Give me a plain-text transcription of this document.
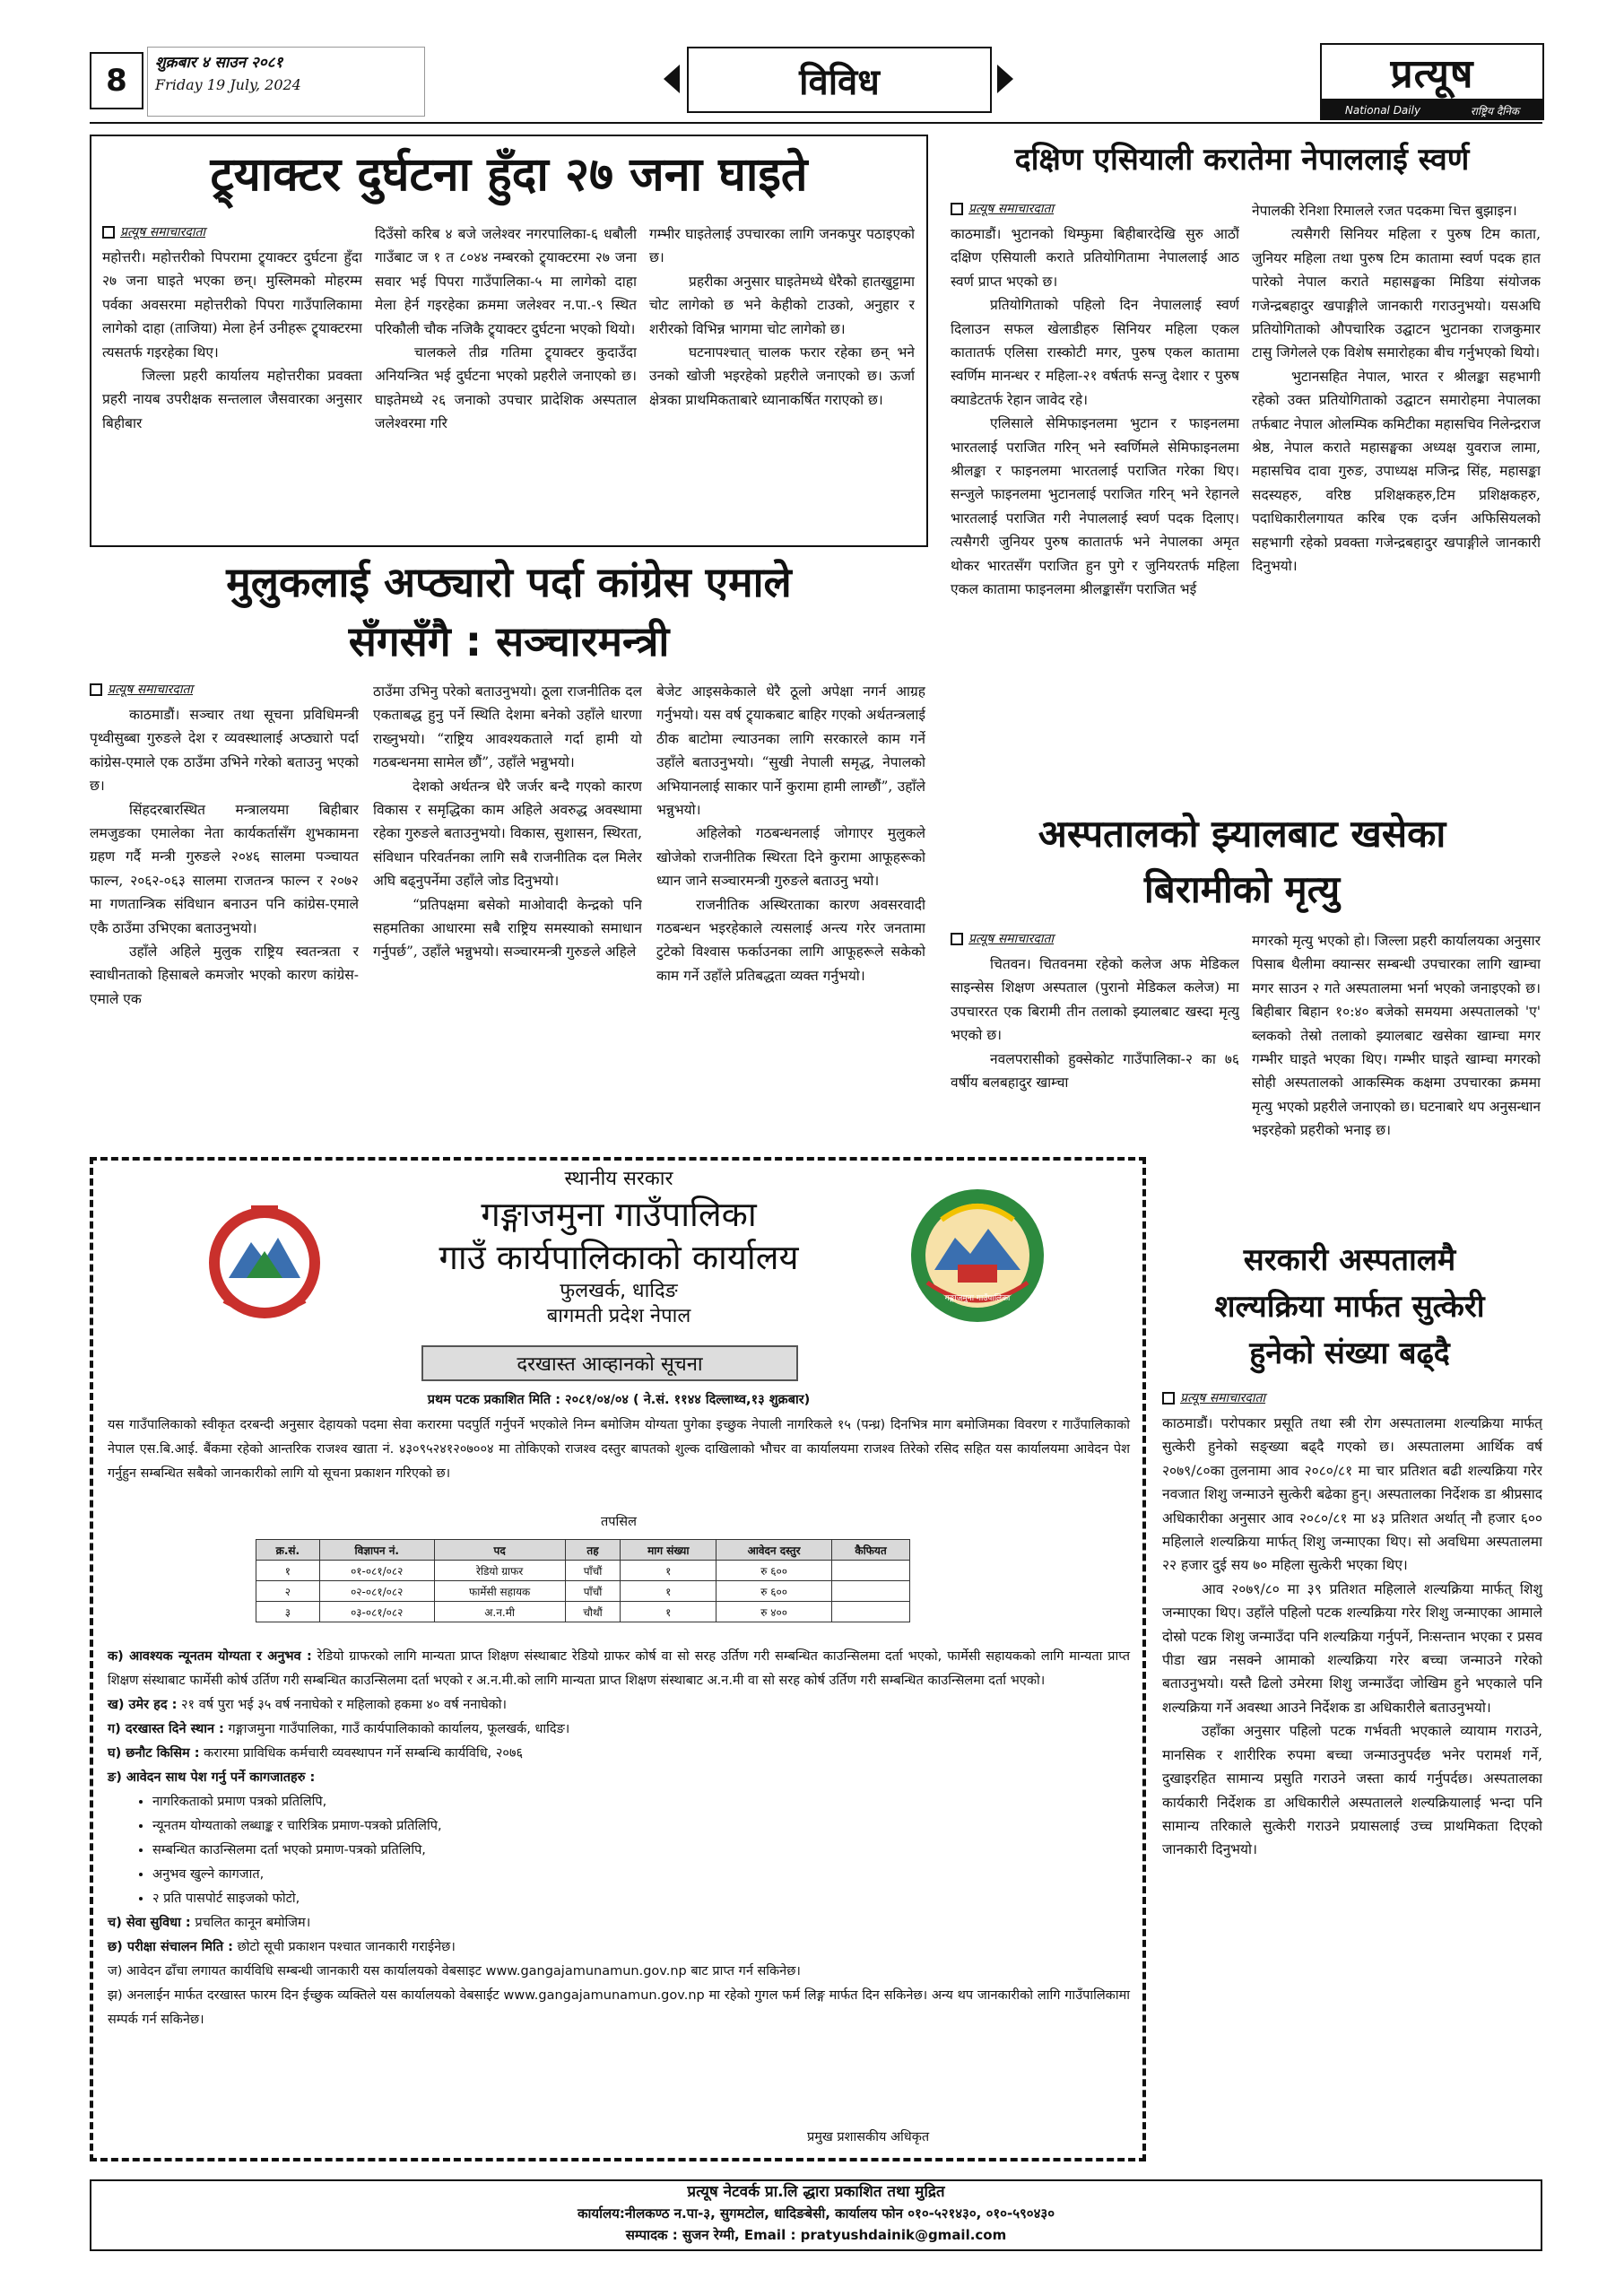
8 शुक्रबार ४ साउन २०८१
Friday 19 July, 2024	विविध	प्रत्यूष
National Daily	राष्ट्रिय दैनिक
ट्र्याक्टर दुर्घटना हुँदा २७ जना घाइते
प्रत्यूष समाचारदाता

महोत्तरी। महोत्तरीको पिपरामा ट्र्याक्टर दुर्घटना हुँदा २७ जना घाइते भएका छन्। मुस्लिमको मोहरम्म पर्वका अवसरमा महोत्तरीको पिपरा गाउँपालिकामा लागेको दाहा (ताजिया) मेला हेर्न उनीहरू ट्र्याक्टरमा त्यसतर्फ गइरहेका थिए।

जिल्ला प्रहरी कार्यालय महोत्तरीका प्रवक्ता प्रहरी नायब उपरीक्षक सन्तलाल जैसवारका अनुसार बिहीबार

दिउँसो करिब ४ बजे जलेश्वर नगरपालिका-६ धबौली गाउँबाट ज १ त ८०४४ नम्बरको ट्र्याक्टरमा २७ जना सवार भई पिपरा गाउँपालिका-५ मा लागेको दाहा मेला हेर्न गइरहेका क्रममा जलेश्वर न.पा.-९ स्थित परिकौली चौक नजिकै ट्र्याक्टर दुर्घटना भएको थियो।

चालकले तीव्र गतिमा ट्र्याक्टर कुदाउँदा अनियन्त्रित भई दुर्घटना भएको प्रहरीले जनाएको छ। घाइतेमध्ये २६ जनाको उपचार प्रादेशिक अस्पताल जलेश्वरमा गरि

गम्भीर घाइतेलाई उपचारका लागि जनकपुर पठाइएको छ।

प्रहरीका अनुसार घाइतेमध्ये धेरैको हातखुट्टामा चोट लागेको छ भने केहीको टाउको, अनुहार र शरीरको विभिन्न भागमा चोट लागेको छ।

घटनापश्चात् चालक फरार रहेका छन् भने उनको खोजी भइरहेको प्रहरीले जनाएको छ। ऊर्जा क्षेत्रका प्राथमिकताबारे ध्यानाकर्षित गराएको छ।

मुलुकलाई अप्ठ्यारो पर्दा कांग्रेस एमाले
सँगसँगै : सञ्चारमन्त्री
प्रत्यूष समाचारदाता

काठमाडौं। सञ्चार तथा सूचना प्रविधिमन्त्री पृथ्वीसुब्बा गुरुङले देश र व्यवस्थालाई अप्ठ्यारो पर्दा कांग्रेस-एमाले एक ठाउँमा उभिने गरेको बताउनु भएको छ।

सिंहदरबारस्थित मन्त्रालयमा बिहीबार लमजुङका एमालेका नेता कार्यकर्तासँग शुभकामना ग्रहण गर्दै मन्त्री गुरुङले २०४६ सालमा पञ्चायत फाल्न, २०६२-०६३ सालमा राजतन्त्र फाल्न र २०७२ मा गणतान्त्रिक संविधान बनाउन पनि कांग्रेस-एमाले एकै ठाउँमा उभिएका बताउनुभयो।

उहाँले अहिले मुलुक राष्ट्रिय स्वतन्त्रता र स्वाधीनताको हिसाबले कमजोर भएको कारण कांग्रेस-एमाले एक

ठाउँमा उभिनु परेको बताउनुभयो। ठूला राजनीतिक दल एकताबद्ध हुनु पर्ने स्थिति देशमा बनेको उहाँले धारणा राख्नुभयो। “राष्ट्रिय आवश्यकताले गर्दा हामी यो गठबन्धनमा सामेल छौं”, उहाँले भन्नुभयो।

देशको अर्थतन्त्र धेरै जर्जर बन्दै गएको कारण विकास र समृद्धिका काम अहिले अवरुद्ध अवस्थामा रहेका गुरुङले बताउनुभयो। विकास, सुशासन, स्थिरता, संविधान परिवर्तनका लागि सबै राजनीतिक दल मिलेर अघि बढ्नुपर्नेमा उहाँले जोड दिनुभयो।

“प्रतिपक्षमा बसेको माओवादी केन्द्रको पनि सहमतिका आधारमा सबै राष्ट्रिय समस्याको समाधान गर्नुपर्छ”, उहाँले भन्नुभयो। सञ्चारमन्त्री गुरुङले अहिले

बेजेट आइसकेकाले धेरै ठूलो अपेक्षा नगर्न आग्रह गर्नुभयो। यस वर्ष ट्र्याकबाट बाहिर गएको अर्थतन्त्रलाई ठीक बाटोमा ल्याउनका लागि सरकारले काम गर्ने उहाँले बताउनुभयो। “सुखी नेपाली समृद्ध, नेपालको अभियानलाई साकार पार्ने कुरामा हामी लाग्छौं”, उहाँले भन्नुभयो।

अहिलेको गठबन्धनलाई जोगाएर मुलुकले खोजेको राजनीतिक स्थिरता दिने कुरामा आफूहरूको ध्यान जाने सञ्चारमन्त्री गुरुङले बताउनु भयो।

राजनीतिक अस्थिरताका कारण अवसरवादी गठबन्धन भइरहेकाले त्यसलाई अन्त्य गरेर जनतामा टुटेको विश्वास फर्काउनका लागि आफूहरूले सकेको काम गर्ने उहाँले प्रतिबद्धता व्यक्त गर्नुभयो।

दक्षिण एसियाली करातेमा नेपाललाई स्वर्ण
प्रत्यूष समाचारदाता

काठमाडौं। भुटानको थिम्फुमा बिहीबारदेखि सुरु आठौं दक्षिण एसियाली कराते प्रतियोगितामा नेपाललाई आठ स्वर्ण प्राप्त भएको छ।

प्रतियोगिताको पहिलो दिन नेपाललाई स्वर्ण दिलाउन सफल खेलाडीहरु सिनियर महिला एकल कातातर्फ एलिसा रास्कोटी मगर, पुरुष एकल कातामा स्वर्णिम मानन्धर र महिला-२१ वर्षतर्फ सन्जु देशार र पुरुष क्याडेटतर्फ रेहान जावेद रहे।

एलिसाले सेमिफाइनलमा भुटान र फाइनलमा भारतलाई पराजित गरिन् भने स्वर्णिमले सेमिफाइनलमा श्रीलङ्का र फाइनलमा भारतलाई पराजित गरेका थिए। सन्जुले फाइनलमा भुटानलाई पराजित गरिन् भने रेहानले भारतलाई पराजित गरी नेपाललाई स्वर्ण पदक दिलाए। त्यसैगरी जुनियर पुरुष कातातर्फ भने नेपालका अमृत थोकर भारतसँग पराजित हुन पुगे र जुनियरतर्फ महिला एकल कातामा फाइनलमा श्रीलङ्कासँग पराजित भई

नेपालकी रेनिशा रिमालले रजत पदकमा चित्त बुझाइन।

त्यसैगरी सिनियर महिला र पुरुष टिम काता, जुनियर महिला तथा पुरुष टिम कातामा स्वर्ण पदक हात पारेको नेपाल कराते महासङ्घका मिडिया संयोजक गजेन्द्रबहादुर खपाङ्गीले जानकारी गराउनुभयो। यसअघि प्रतियोगिताको औपचारिक उद्घाटन भुटानका राजकुमार टासु जिगेलले एक विशेष समारोहका बीच गर्नुभएको थियो।

भुटानसहित नेपाल, भारत र श्रीलङ्का सहभागी रहेको उक्त प्रतियोगिताको उद्घाटन समारोहमा नेपालका तर्फबाट नेपाल ओलम्पिक कमिटीका महासचिव निलेन्द्रराज श्रेष्ठ, नेपाल कराते महासङ्घका अध्यक्ष युवराज लामा, महासचिव दावा गुरुङ, उपाध्यक्ष मजिन्द्र सिंह, महासङ्का सदस्यहरु, वरिष्ठ प्रशिक्षकहरु,टिम प्रशिक्षकहरु, पदाधिकारीलगायत करिब एक दर्जन अफिसियलको सहभागी रहेको प्रवक्ता गजेन्द्रबहादुर खपाङ्गीले जानकारी दिनुभयो।

अस्पतालको झ्यालबाट खसेका
बिरामीको मृत्यु
प्रत्यूष समाचारदाता

चितवन। चितवनमा रहेको कलेज अफ मेडिकल साइन्सेस शिक्षण अस्पताल (पुरानो मेडिकल कलेज) मा उपचाररत एक बिरामी तीन तलाको झ्यालबाट खस्दा मृत्यु भएको छ।

नवलपरासीको हुक्सेकोट गाउँपालिका-२ का ७६ वर्षीय बलबहादुर खाम्चा

मगरको मृत्यु भएको हो। जिल्ला प्रहरी कार्यालयका अनुसार पिसाब थैलीमा क्यान्सर सम्बन्धी उपचारका लागि खाम्चा मगर साउन २ गते अस्पतालमा भर्ना भएको जनाइएको छ। बिहीबार बिहान १०:४० बजेको समयमा अस्पतालको 'ए' ब्लकको तेस्रो तलाको झ्यालबाट खसेका खाम्चा मगर गम्भीर घाइते भएका थिए। गम्भीर घाइते खाम्चा मगरको सोही अस्पतालको आकस्मिक कक्षमा उपचारका क्रममा मृत्यु भएको प्रहरीले जनाएको छ। घटनाबारे थप अनुसन्धान भइरहेको प्रहरीको भनाइ छ।

गङ्गाजमुना गाउँपालिका
स्थानीय सरकार
गङ्गाजमुना गाउँपालिका
गाउँ कार्यपालिकाको कार्यालय
फुलखर्क, धादिङ
बागमती प्रदेश नेपाल
दरखास्त आव्हानको सूचना
प्रथम पटक प्रकाशित मिति : २०८१/०४/०४ ( ने.सं. ११४४ दिल्लाथ्व,१३ शुक्रबार)
यस गाउँपालिकाको स्वीकृत दरबन्दी अनुसार देहायको पदमा सेवा करारमा पदपुर्ति गर्नुपर्ने भएकोले निम्न बमोजिम योग्यता पुगेका इच्छुक नेपाली नागरिकले १५ (पन्ध्र) दिनभित्र माग बमोजिमका विवरण र गाउँपालिकाको नेपाल एस.बि.आई. बैंकमा रहेको आन्तरिक राजश्व खाता नं. ४३०९५२४१२०७००४ मा तोकिएको राजश्व दस्तुर बापतको शुल्क दाखिलाको भौचर वा कार्यालयमा राजश्व तिरेको रसिद सहित यस कार्यालयमा आवेदन पेश गर्नुहुन सम्बन्धित सबैको जानकारीको लागि यो सूचना प्रकाशन गरिएको छ।
तपसिल
क्र.सं.	विज्ञापन नं.	पद	तह	माग संख्या	आवेदन दस्तुर	कैफियत
१	०१-०८१/०८२	रेडियो ग्राफर	पाँचौं	१	रु ६००	
२	०२-०८१/०८२	फार्मेसी सहायक	पाँचौं	१	रु ६००	
३	०३-०८१/०८२	अ.न.मी	चौथौं	१	रु ४००	
क) आवश्यक न्यूनतम योग्यता र अनुभव : रेडियो ग्राफरको लागि मान्यता प्राप्त शिक्षण संस्थाबाट रेडियो ग्राफर कोर्ष वा सो सरह उर्तिण गरी सम्बन्धित काउन्सिलमा दर्ता भएको, फार्मेसी सहायकको लागि मान्यता प्राप्त शिक्षण संस्थाबाट फार्मेसी कोर्ष उर्तिण गरी सम्बन्धित काउन्सिलमा दर्ता भएको र अ.न.मी.को लागि मान्यता प्राप्त शिक्षण संस्थाबाट अ.न.मी वा सो सरह कोर्ष उर्तिण गरी सम्बन्धित काउन्सिलमा दर्ता भएको।
ख) उमेर हद : २१ वर्ष पुरा भई ३५ वर्ष ननाघेको र महिलाको हकमा ४० वर्ष ननाघेको।
ग) दरखास्त दिने स्थान : गङ्गाजमुना गाउँपालिका, गाउँ कार्यपालिकाको कार्यालय, फूलखर्क, धादिङ।
घ) छनौट किसिम : करारमा प्राविधिक कर्मचारी व्यवस्थापन गर्ने सम्बन्धि कार्यविधि, २०७६
ङ) आवेदन साथ पेश गर्नु पर्ने कागजातहरु :
• नागरिकताको प्रमाण पत्रको प्रतिलिपि,
• न्यूनतम योग्यताको लब्धाङ्क र चारित्रिक प्रमाण-पत्रको प्रतिलिपि,
• सम्बन्धित काउन्सिलमा दर्ता भएको प्रमाण-पत्रको प्रतिलिपि,
• अनुभव खुल्ने कागजात,
• २ प्रति पासपोर्ट साइजको फोटो,
च) सेवा सुविधा : प्रचलित कानून बमोजिम।
छ) परीक्षा संचालन मिति : छोटो सूची प्रकाशन पश्चात जानकारी गराईनेछ।
ज) आवेदन ढाँचा लगायत कार्यविधि सम्बन्धी जानकारी यस कार्यालयको वेबसाइट www.gangajamunamun.gov.np बाट प्राप्त गर्न सकिनेछ।
झ) अनलाईन मार्फत दरखास्त फारम दिन ईच्छुक व्यक्तिले यस कार्यालयको वेबसाईट www.gangajamunamun.gov.np मा रहेको गुगल फर्म लिङ्ग मार्फत दिन सकिनेछ। अन्य थप जानकारीको लागि गाउँपालिकामा सम्पर्क गर्न सकिनेछ।
प्रमुख प्रशासकीय अधिकृत
सरकारी अस्पतालमै
शल्यक्रिया मार्फत सुत्केरी
हुनेको संख्या बढ्दै
प्रत्यूष समाचारदाता

काठमाडौं। परोपकार प्रसूति तथा स्त्री रोग अस्पतालमा शल्यक्रिया मार्फत् सुत्केरी हुनेको सङ्ख्या बढ्दै गएको छ। अस्पतालमा आर्थिक वर्ष २०७९/८०का तुलनामा आव २०८०/८१ मा चार प्रतिशत बढी शल्यक्रिया गरेर नवजात शिशु जन्माउने सुत्केरी बढेका हुन्। अस्पतालका निर्देशक डा श्रीप्रसाद अधिकारीका अनुसार आव २०८०/८१ मा ४३ प्रतिशत अर्थात् नौ हजार ६०० महिलाले शल्यक्रिया मार्फत् शिशु जन्माएका थिए। सो अवधिमा अस्पतालमा २२ हजार दुई सय ७० महिला सुत्केरी भएका थिए।

आव २०७९/८० मा ३९ प्रतिशत महिलाले शल्यक्रिया मार्फत् शिशु जन्माएका थिए। उहाँले पहिलो पटक शल्यक्रिया गरेर शिशु जन्माएका आमाले दोस्रो पटक शिशु जन्माउँदा पनि शल्यक्रिया गर्नुपर्ने, निःसन्तान भएका र प्रसव पीडा खप्न नसक्ने आमाको शल्यक्रिया गरेर बच्चा जन्माउने गरेको बताउनुभयो। यस्तै ढिलो उमेरमा शिशु जन्माउँदा जोखिम हुने भएकाले पनि शल्यक्रिया गर्ने अवस्था आउने निर्देशक डा अधिकारीले बताउनुभयो।

उहाँका अनुसार पहिलो पटक गर्भवती भएकाले व्यायाम गराउने, मानसिक र शारीरिक रुपमा बच्चा जन्माउनुपर्दछ भनेर परामर्श गर्ने, दुखाइरहित सामान्य प्रसुति गराउने जस्ता कार्य गर्नुपर्दछ। अस्पतालका कार्यकारी निर्देशक डा अधिकारीले अस्पतालले शल्यक्रियालाई भन्दा पनि सामान्य तरिकाले सुत्केरी गराउने प्रयासलाई उच्च प्राथमिकता दिएको जानकारी दिनुभयो।

प्रत्यूष नेटवर्क प्रा.लि द्धारा प्रकाशित तथा मुद्रित
कार्यालय:नीलकण्ठ न.पा-३, सुगमटोल, धादिङबेसी, कार्यालय फोन ०१०-५२१४३०, ०१०-५९०४३०
सम्पादक : सुजन रेग्मी, Email : pratyushdainik@gmail.com
